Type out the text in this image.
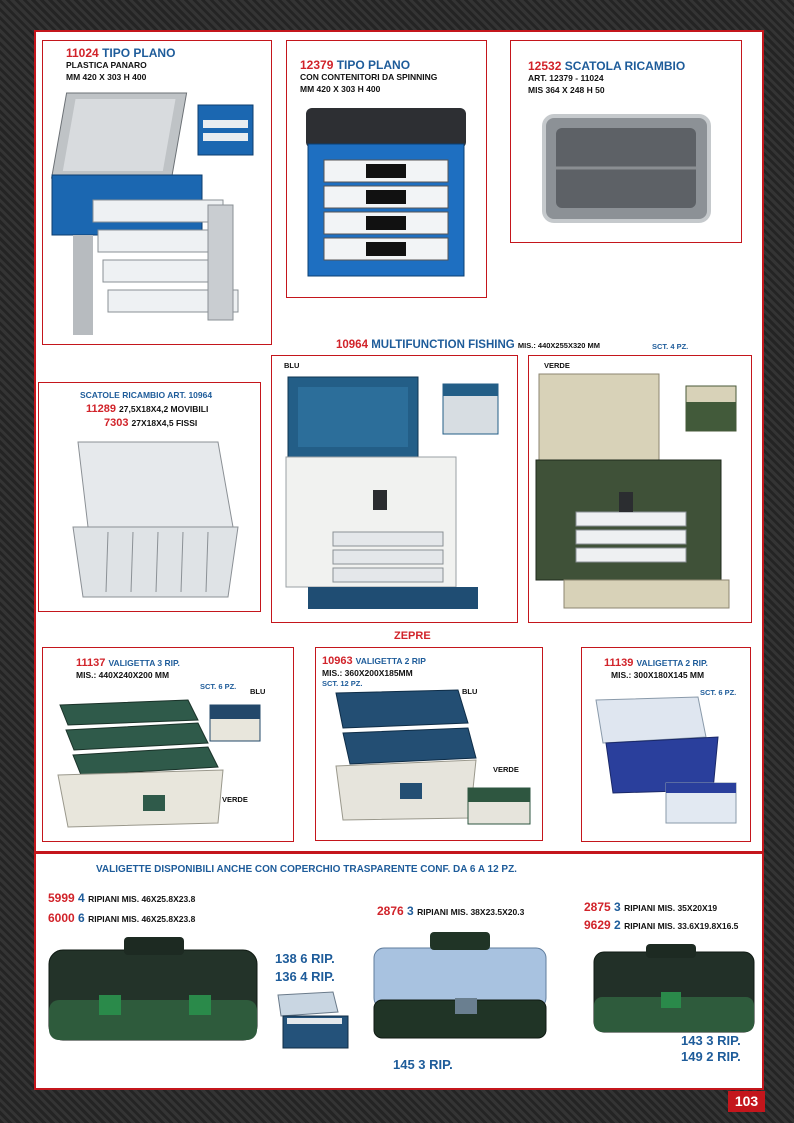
11024 TIPO PLANO
PLASTICA PANARO
MM 420 X 303 H 400
12379 TIPO PLANO
CON CONTENITORI DA SPINNING
MM 420 X 303 H 400
12532 SCATOLA RICAMBIO
ART. 12379 - 11024
MIS 364 X 248 H 50
10964 MULTIFUNCTION FISHING MIS.: 440X255X320 MM	SCT. 4 PZ.
SCATOLE RICAMBIO ART. 10964
11289 27,5X18X4,2 MOVIBILI
7303 27X18X4,5 FISSI
BLU	VERDE
ZEPRE
11137 VALIGETTA 3 RIP.
MIS.: 440X240X200 MM
SCT. 6 PZ.
BLU
VERDE
10963 VALIGETTA 2 RIP
MIS.: 360X200X185MM
SCT. 12 PZ.
BLU
VERDE
11139 VALIGETTA 2 RIP.
MIS.: 300X180X145 MM
SCT. 6 PZ.
VALIGETTE DISPONIBILI ANCHE CON COPERCHIO TRASPARENTE CONF. DA 6 A 12 PZ.
5999 4 RIPIANI MIS. 46X25.8X23.8
6000 6 RIPIANI MIS. 46X25.8X23.8
2876 3 RIPIANI MIS. 38X23.5X20.3	2875 3 RIPIANI MIS. 35X20X19
9629 2 RIPIANI MIS. 33.6X19.8X16.5
138 6 RIP.
136 4 RIP.
145 3 RIP.
143 3 RIP.
149 2 RIP.
103
